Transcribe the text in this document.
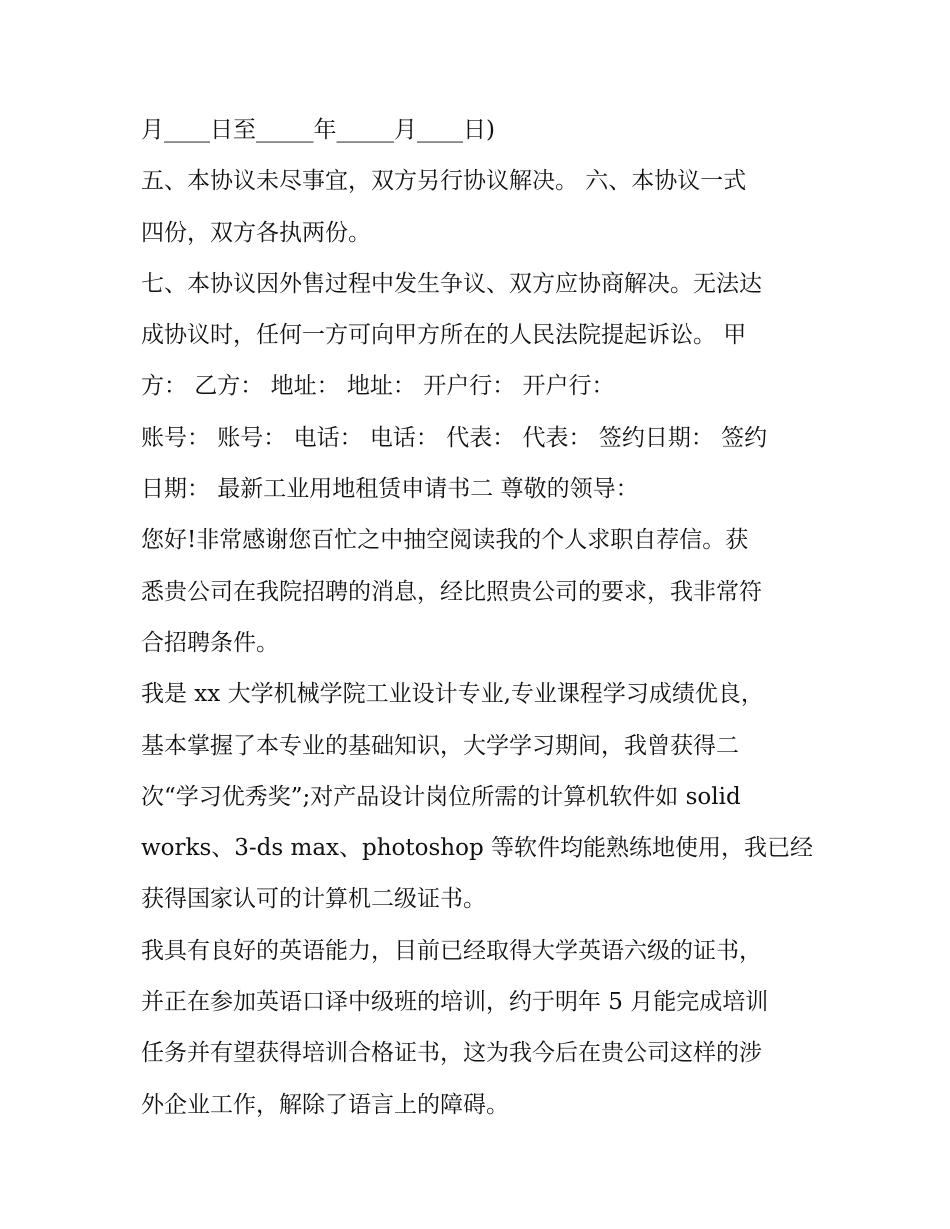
月____日至_____年_____月____日)
五、本协议未尽事宜，双方另行协议解决。 六、本协议一式
四份，双方各执两份。
七、本协议因外售过程中发生争议、双方应协商解决。无法达
成协议时，任何一方可向甲方所在的人民法院提起诉讼。 甲
方： 乙方： 地址： 地址： 开户行： 开户行：
账号： 账号： 电话： 电话： 代表： 代表： 签约日期： 签约
日期： 最新工业用地租赁申请书二 尊敬的领导：
您好!非常感谢您百忙之中抽空阅读我的个人求职自荐信。获
悉贵公司在我院招聘的消息，经比照贵公司的要求，我非常符
合招聘条件。
我是 xx 大学机械学院工业设计专业,专业课程学习成绩优良，
基本掌握了本专业的基础知识，大学学习期间，我曾获得二
次“学习优秀奖”;对产品设计岗位所需的计算机软件如 solid
works、3-ds max、photoshop 等软件均能熟练地使用，我已经
获得国家认可的计算机二级证书。
我具有良好的英语能力，目前已经取得大学英语六级的证书，
并正在参加英语口译中级班的培训，约于明年 5 月能完成培训
任务并有望获得培训合格证书，这为我今后在贵公司这样的涉
外企业工作，解除了语言上的障碍。
